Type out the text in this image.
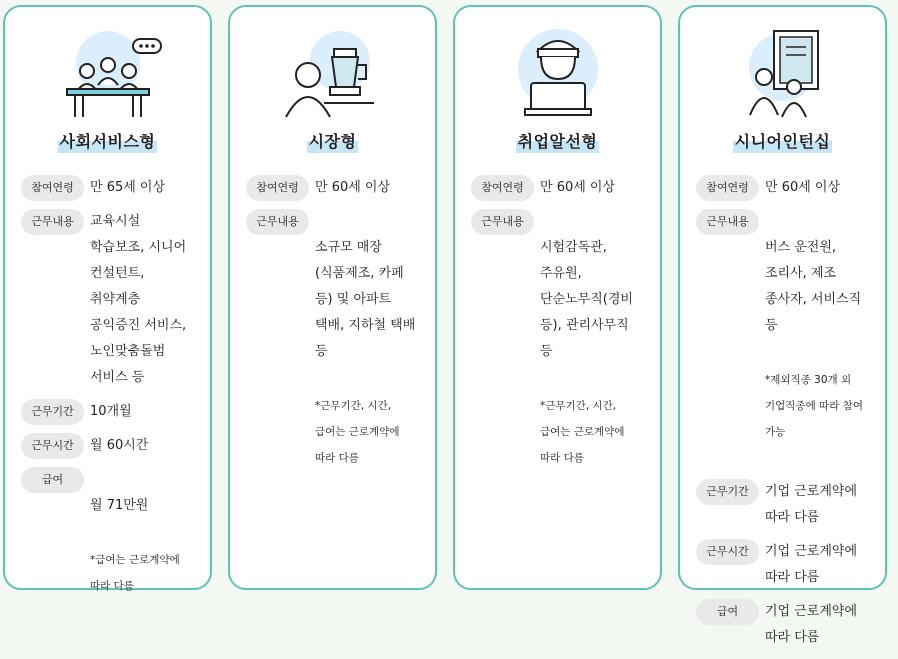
사회서비스형
참여연령	만 65세 이상
근무내용	교육시설
학습보조, 시니어
컨설턴트,
취약계층
공익증진 서비스,
노인맞춤돌범
서비스 등
근무기간	10개월
근무시간	월 60시간
급여

월 71만원

*급여는 근로계약에
따라 다름

시장형
참여연령	만 60세 이상
근무내용

소규모 매장
(식품제조, 카페
등) 및 아파트
택배, 지하철 택배
등

*근무기간, 시간,
급여는 근로계약에
따라 다름

취업알선형
참여연령	만 60세 이상
근무내용

시험감독관,
주유원,
단순노무직(경비
등), 관리사무직
등

*근무기간, 시간,
급여는 근로계약에
따라 다름

시니어인턴십
참여연령	만 60세 이상
근무내용

버스 운전원,
조리사, 제조
종사자, 서비스직
등

*제외직종 30개 외
기업직종에 따라 참여
가능

근무기간	기업 근로계약에
따라 다름
근무시간	기업 근로계약에
따라 다름
급여	기업 근로계약에
따라 다름
